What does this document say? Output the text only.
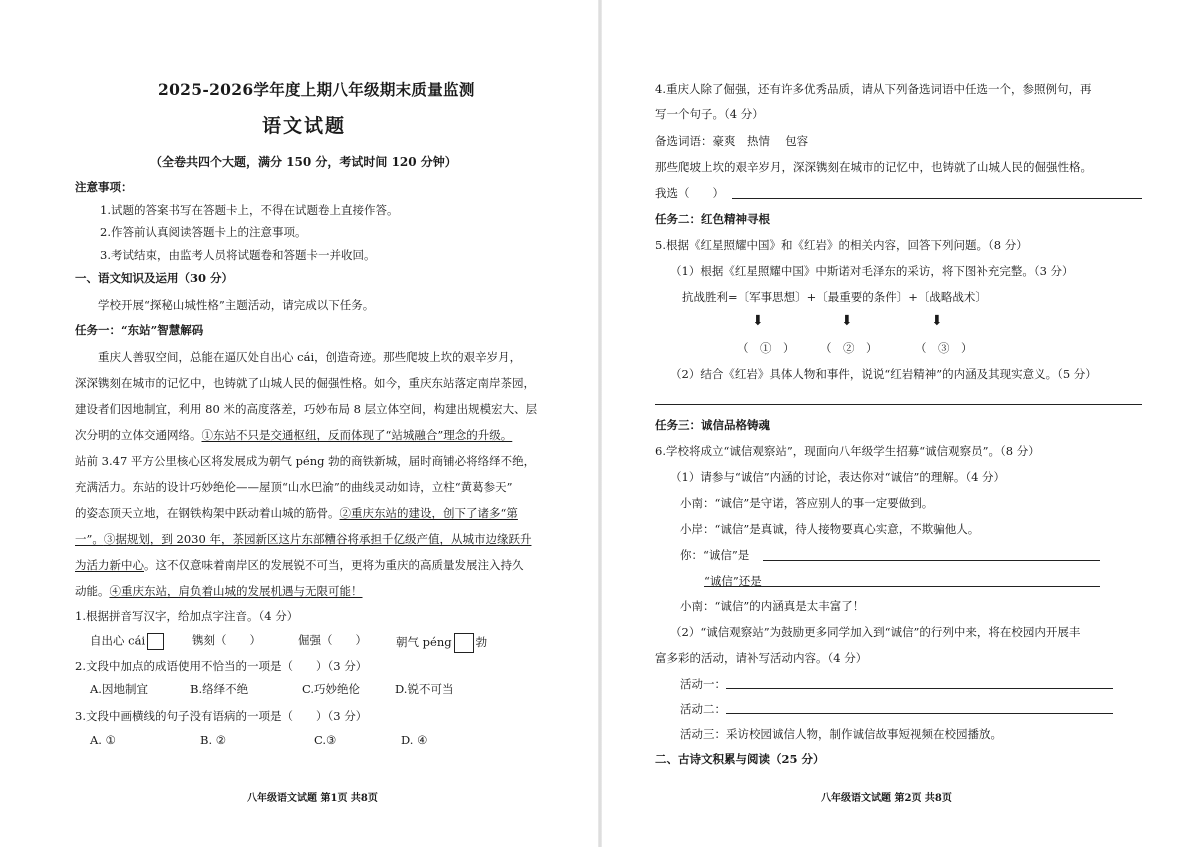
2025-2026学年度上期八年级期末质量监测
语文试题
（全卷共四个大题，满分 150 分，考试时间 120 分钟）
注意事项：
1.试题的答案书写在答题卡上，不得在试题卷上直接作答。
2.作答前认真阅读答题卡上的注意事项。
3.考试结束，由监考人员将试题卷和答题卡一并收回。
一、语文知识及运用（30 分）
学校开展“探秘山城性格”主题活动，请完成以下任务。
任务一：“东站”智慧解码
重庆人善驭空间，总能在逼仄处自出心 cái，创造奇迹。那些爬坡上坎的艰辛岁月，
深深镌刻在城市的记忆中，也铸就了山城人民的倔强性格。如今，重庆东站落定南岸茶园，
建设者们因地制宜，利用 80 米的高度落差，巧妙布局 8 层立体空间，构建出规模宏大、层
次分明的立体交通网络。①东站不只是交通枢纽，反而体现了“站城融合”理念的升级。
站前 3.47 平方公里核心区将发展成为朝气 péng 勃的商铁新城，届时商铺必将络绎不绝，
充满活力。东站的设计巧妙绝伦——屋顶“山水巴渝”的曲线灵动如诗，立柱“黄葛参天”
的姿态顶天立地，在钢铁构架中跃动着山城的筋骨。②重庆东站的建设，创下了诸多“第
一”。③据规划，到 2030 年，茶园新区这片东部糟谷将承担千亿级产值，从城市边缘跃升
为活力新中心。这不仅意味着南岸区的发展锐不可当，更将为重庆的高质量发展注入持久
动能。④重庆东站，肩负着山城的发展机遇与无限可能！
1.根据拼音写汉字，给加点字注音。（4 分）
自出心 cái	镌刻（　　）	倔强（　　）	朝气 péng 勃
2.文段中加点的成语使用不恰当的一项是（　　）（3 分）
A.因地制宜	B.络绎不绝	C.巧妙绝伦	D.锐不可当
3.文段中画横线的句子没有语病的一项是（　　）（3 分）
A. ①	B. ②	C.③	D. ④
八年级语文试题 第1页 共8页
4.重庆人除了倔强，还有许多优秀品质，请从下列备选词语中任选一个，参照例句，再
写一个句子。（4 分）
备选词语：豪爽　热情　 包容
那些爬坡上坎的艰辛岁月，深深镌刻在城市的记忆中，也铸就了山城人民的倔强性格。
我选（　　）
任务二：红色精神寻根
5.根据《红星照耀中国》和《红岩》的相关内容，回答下列问题。（8 分）
（1）根据《红星照耀中国》中斯诺对毛泽东的采访，将下图补充完整。（3 分）
抗战胜利=〔军事思想〕+〔最重要的条件〕+〔战略战术〕
⬇	⬇	⬇
（　①　） （　②　）	（　③　）
（2）结合《红岩》具体人物和事件，说说“红岩精神”的内涵及其现实意义。（5 分）
任务三：诚信品格铸魂
6.学校将成立“诚信观察站”，现面向八年级学生招募“诚信观察员”。（8 分）
（1）请参与“诚信”内涵的讨论，表达你对“诚信”的理解。（4 分）
小南：“诚信”是守诺，答应别人的事一定要做到。
小岸：“诚信”是真诚，待人接物要真心实意，不欺骗他人。
你：“诚信”是
“诚信”还是
小南：“诚信”的内涵真是太丰富了！
（2）“诚信观察站”为鼓励更多同学加入到“诚信”的行列中来，将在校园内开展丰
富多彩的活动，请补写活动内容。（4 分）
活动一：
活动二：
活动三：采访校园诚信人物，制作诚信故事短视频在校园播放。
二、古诗文积累与阅读（25 分）
八年级语文试题 第2页 共8页
